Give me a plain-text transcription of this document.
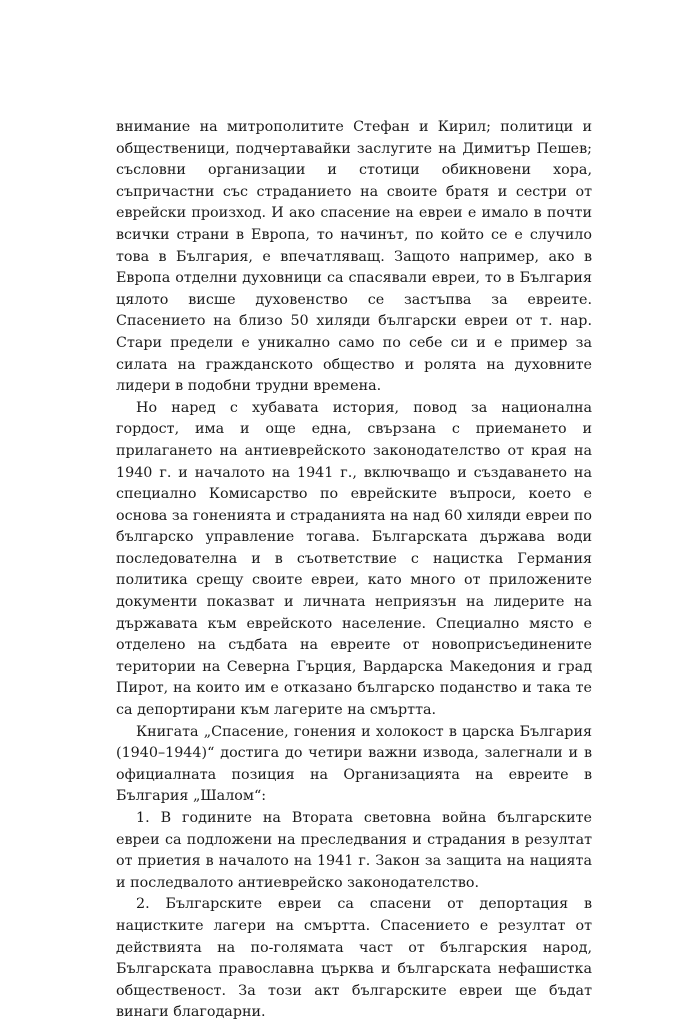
внимание на митрополитите Стефан и Кирил; политици и общественици, подчертавайки заслугите на Димитър Пешев; съсловни организации и стотици обикновени хора, съпричастни със страданието на своите братя и сестри от еврейски произход. И ако спасение на евреи е имало в почти всички страни в Европа, то начинът, по който се е случило това в България, е впечатляващ. Защото например, ако в Европа отделни духовници са спасявали евреи, то в България цялото висше духовенство се застъпва за евреите. Спасението на близо 50 хиляди български евреи от т. нар. Стари предели е уникално само по себе си и е пример за силата на гражданското общество и ролята на духовните лидери в подобни трудни времена.

Но наред с хубавата история, повод за национална гордост, има и още една, свързана с приемането и прилагането на антиеврейското законодателство от края на 1940 г. и началото на 1941 г., включващо и създаването на специално Комисарство по еврейските въпроси, което е основа за гоненията и страданията на над 60 хиляди евреи по българско управление тогава. Българската държава води последователна и в съответствие с нацистка Германия политика срещу своите евреи, като много от приложените документи показват и личната неприязън на лидерите на държавата към еврейското население. Специално място е отделено на съдбата на евреите от новоприсъединените територии на Северна Гърция, Вардарска Македония и град Пирот, на които им е отказано българско поданство и така те са депортирани към лагерите на смъртта.

Книгата „Спасение, гонения и холокост в царска България (1940–1944)“ достига до четири важни извода, залегнали и в официалната позиция на Организацията на евреите в България „Шалом“:

1. В годините на Втората световна война българските евреи са подложени на преследвания и страдания в резултат от приетия в началото на 1941 г. Закон за защита на нацията и последвалото антиеврейско законодателство.

2. Българските евреи са спасени от депортация в нацистките лагери на смъртта. Спасението е резултат от действията на по-голямата част от българския народ, Българската православна църква и българската нефашистка общественост. За този акт българските евреи ще бъдат винаги благодарни.
